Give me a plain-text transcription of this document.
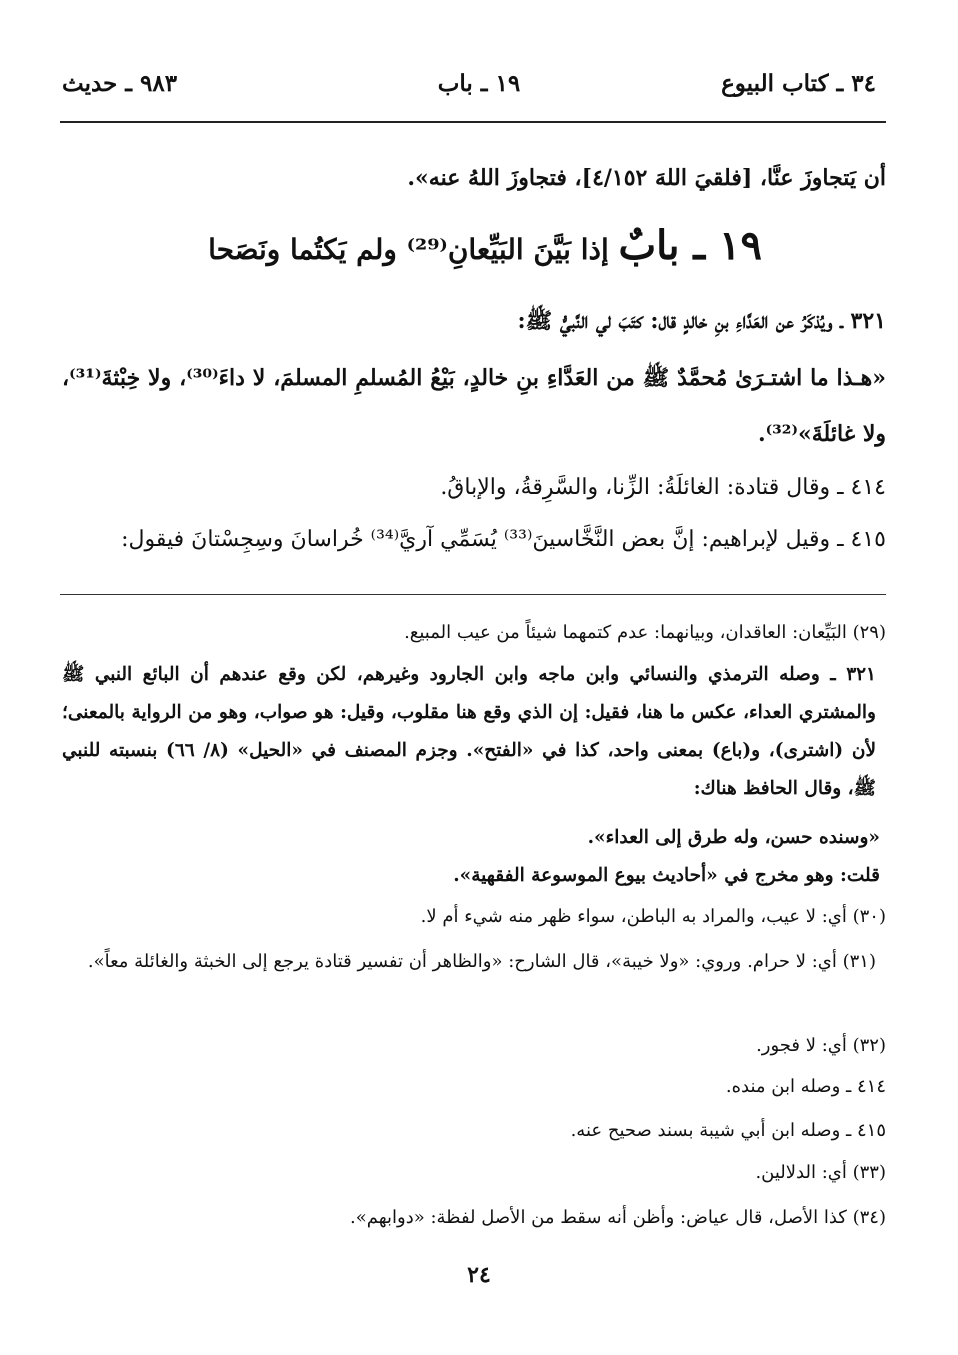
٣٤ ـ كتاب البيوع
١٩ ـ باب
٩٨٣ ـ حديث
أن يَتجاوزَ عنَّا، [فلقيَ اللهَ ٤/١٥٢]، فتجاوزَ اللهُ عنه».
١٩ ـ بابٌ إذا بَيَّنَ البَيِّعانِ⁽²⁹⁾ ولم يَكتُما ونَصَحا
٣٢١ ـ ويُذكَرُ عن العَدَّاءِ بنِ خالدٍ قال: كتَبَ لي النَّبيُّ ﷺ:
«هـذا ما اشتـرَىٰ مُحمَّدٌ ﷺ من العَدَّاءِ بنِ خالدٍ، بَيْعُ المُسلمِ المسلمَ، لا داءَ⁽³⁰⁾، ولا خِبْثةَ⁽³¹⁾، ولا غائلَةَ»⁽³²⁾.
٤١٤ ـ وقال قتادة: الغائلَةُ: الزِّنا، والسَّرِقةُ، والإباقُ.
٤١٥ ـ وقيل لإبراهيم: إنَّ بعض النَّخَّاسينَ⁽³³⁾ يُسَمِّي آريَّ⁽³⁴⁾ خُراسانَ وسِجِسْتانَ فيقول:
(٢٩) البَيِّعان: العاقدان، وبيانهما: عدم كتمهما شيئاً من عيب المبيع.
٣٢١ ـ وصله الترمذي والنسائي وابن ماجه وابن الجارود وغيرهم، لكن وقع عندهم أن البائع النبي ﷺ والمشتري العداء، عكس ما هنا، فقيل: إن الذي وقع هنا مقلوب، وقيل: هو صواب، وهو من الرواية بالمعنى؛ لأن (اشترى)، و(باع) بمعنى واحد، كذا في «الفتح». وجزم المصنف في «الحيل» (٨/ ٦٦) بنسبته للنبي ﷺ، وقال الحافظ هناك:
«وسنده حسن، وله طرق إلى العداء».
قلت: وهو مخرج في «أحاديث بيوع الموسوعة الفقهية».
(٣٠) أي: لا عيب، والمراد به الباطن، سواء ظهر منه شيء أم لا.
(٣١) أي: لا حرام. وروي: «ولا خيبة»، قال الشارح: «والظاهر أن تفسير قتادة يرجع إلى الخبثة والغائلة معاً».
(٣٢) أي: لا فجور.
٤١٤ ـ وصله ابن منده.
٤١٥ ـ وصله ابن أبي شيبة بسند صحيح عنه.
(٣٣) أي: الدلالين.
(٣٤) كذا الأصل، قال عياض: وأظن أنه سقط من الأصل لفظة: «دوابهم».
٢٤
